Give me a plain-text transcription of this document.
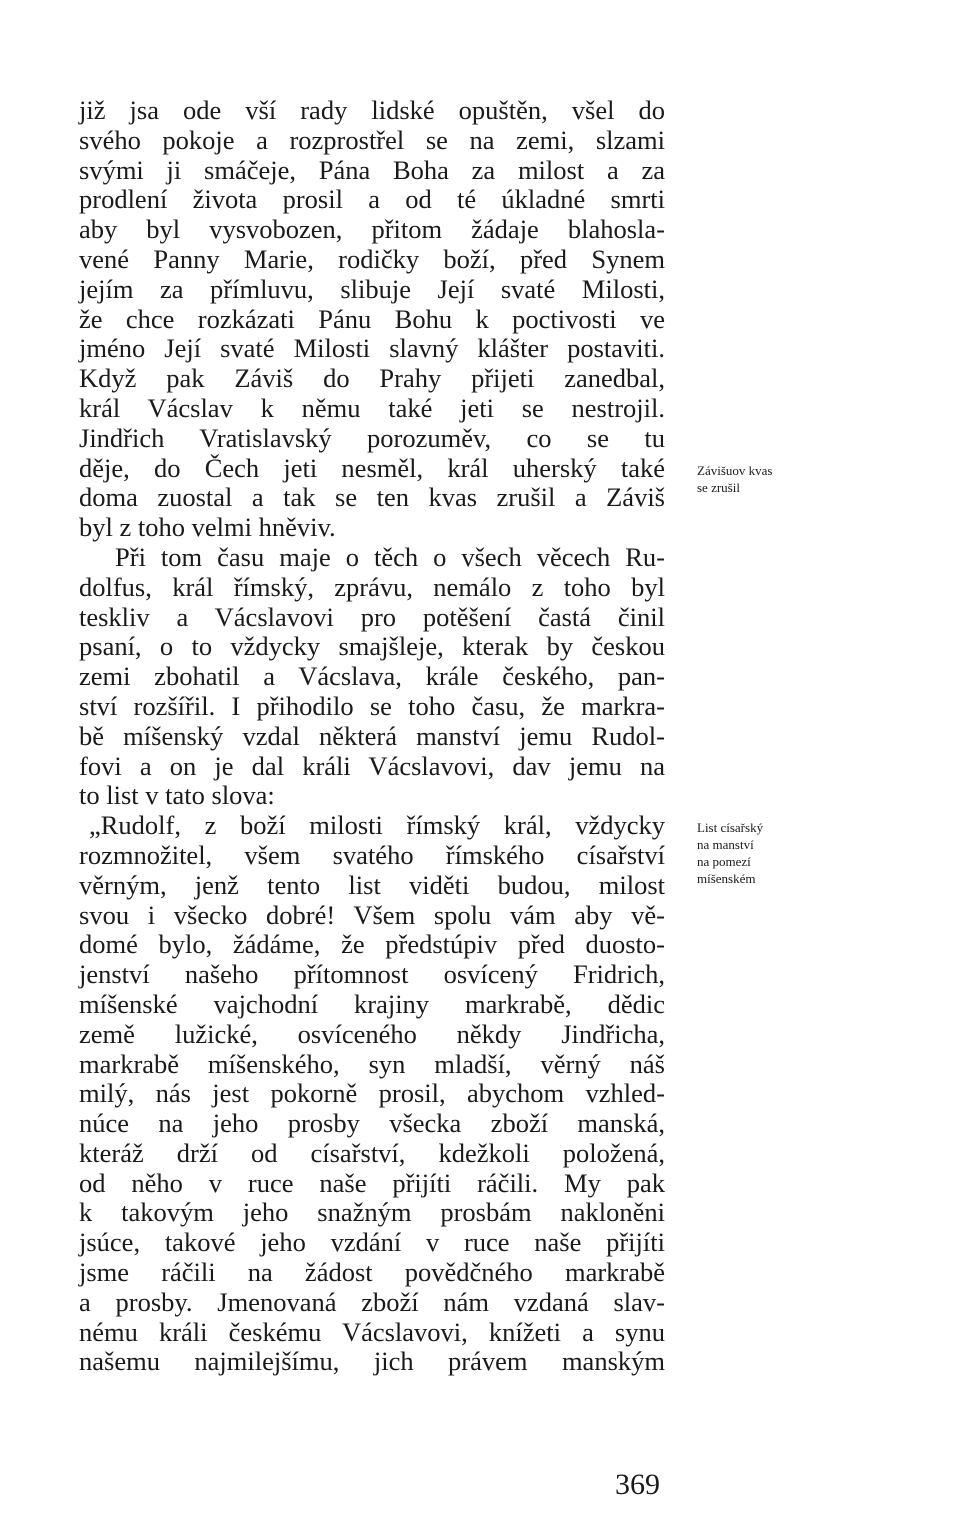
již jsa ode vší rady lidské opuštěn, všel do
svého pokoje a rozprostřel se na zemi, slzami
svými ji smáčeje, Pána Boha za milost a za
prodlení života prosil a od té úkladné smrti
aby byl vysvobozen, přitom žádaje blahosla-
vené Panny Marie, rodičky boží, před Synem
jejím za přímluvu, slibuje Její svaté Milosti,
že chce rozkázati Pánu Bohu k poctivosti ve
jméno Její svaté Milosti slavný klášter postaviti.
Když pak Záviš do Prahy přijeti zanedbal,
král Vácslav k němu také jeti se nestrojil.
Jindřich Vratislavský porozuměv, co se tu
děje, do Čech jeti nesměl, král uherský také
doma zuostal a tak se ten kvas zrušil a Záviš
byl z toho velmi hněviv.
Při tom času maje o těch o všech věcech Ru-
dolfus, král římský, zprávu, nemálo z toho byl
teskliv a Vácslavovi pro potěšení častá činil
psaní, o to vždycky smajšleje, kterak by českou
zemi zbohatil a Vácslava, krále českého, pan-
ství rozšířil. I přihodilo se toho času, že markra-
bě míšenský vzdal některá manství jemu Rudol-
fovi a on je dal králi Vácslavovi, dav jemu na
to list v tato slova:
„Rudolf, z boží milosti římský král, vždycky
rozmnožitel, všem svatého římského císařství
věrným, jenž tento list viděti budou, milost
svou i všecko dobré! Všem spolu vám aby vě-
domé bylo, žádáme, že předstúpiv před duosto-
jenství našeho přítomnost osvícený Fridrich,
míšenské vajchodní krajiny markrabě, dědic
země lužické, osvíceného někdy Jindřicha,
markrabě míšenského, syn mladší, věrný náš
milý, nás jest pokorně prosil, abychom vzhled-
núce na jeho prosby všecka zboží manská,
kteráž drží od císařství, kdežkoli položená,
od něho v ruce naše přijíti ráčili. My pak
k takovým jeho snažným prosbám nakloněni
jsúce, takové jeho vzdání v ruce naše přijíti
jsme ráčili na žádost povědčného markrabě
a prosby. Jmenovaná zboží nám vzdaná slav-
nému králi českému Vácslavovi, knížeti a synu
našemu najmilejšímu, jich právem manským
Závišuov kvas
se zrušil
List císařský
na manství
na pomezí
míšenském
369
